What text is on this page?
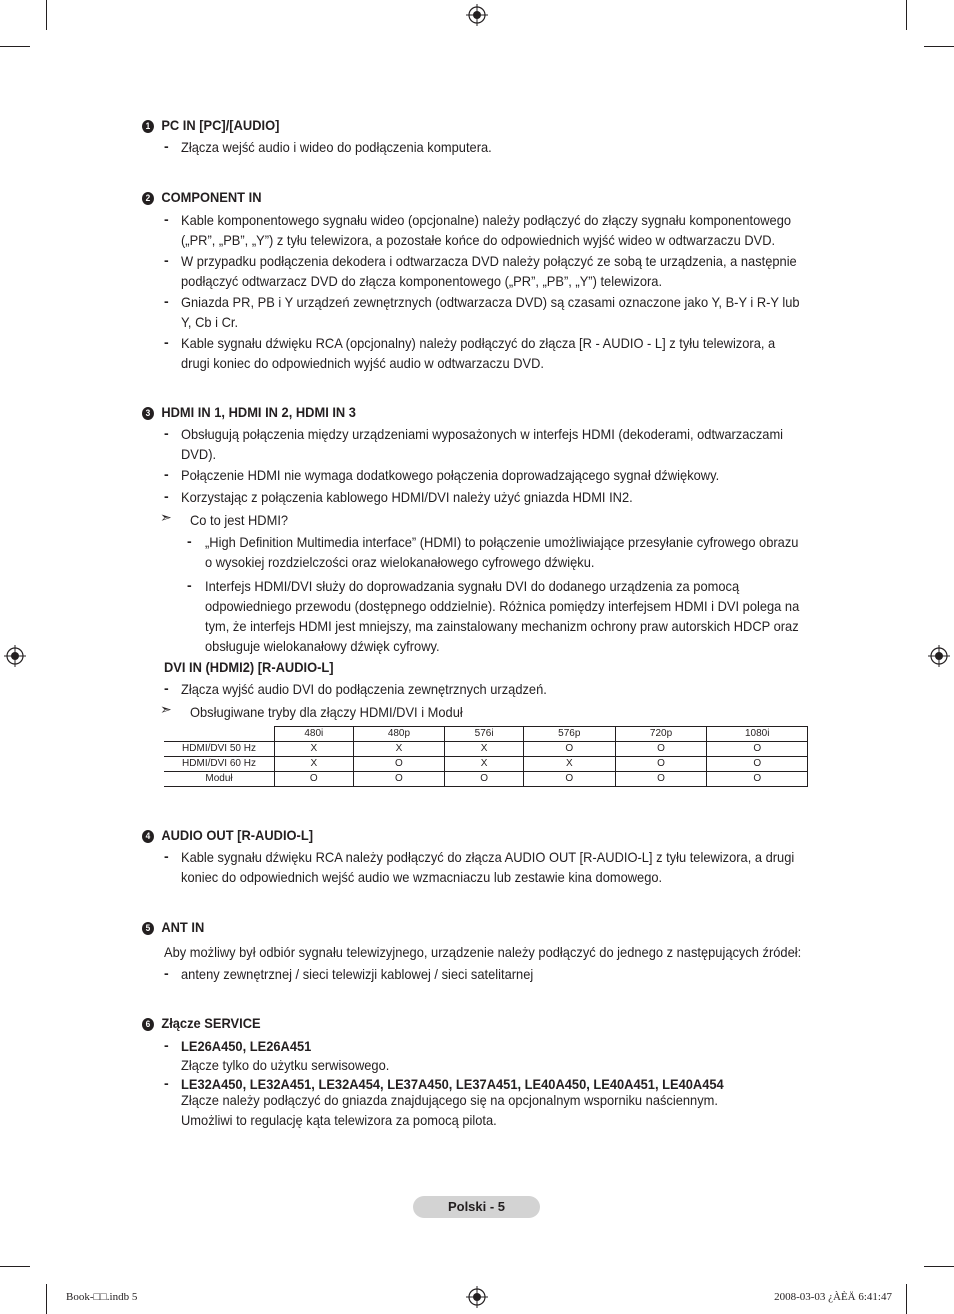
1 PC IN [PC]/[AUDIO]
- Złącza wejść audio i wideo do podłączenia komputera.
2 COMPONENT IN
- Kable komponentowego sygnału wideo (opcjonalne) należy podłączyć do złączy sygnału komponentowego
(„PR”, „PB”, „Y”) z tyłu telewizora, a pozostałe końce do odpowiednich wyjść wideo w odtwarzaczu DVD.
- W przypadku podłączenia dekodera i odtwarzacza DVD należy połączyć ze sobą te urządzenia, a następnie
podłączyć odtwarzacz DVD do złącza komponentowego („PR”, „PB”, „Y”) telewizora.
- Gniazda PR, PB i Y urządzeń zewnętrznych (odtwarzacza DVD) są czasami oznaczone jako Y, B-Y i R-Y lub
Y, Cb i Cr.
- Kable sygnału dźwięku RCA (opcjonalny) należy podłączyć do złącza [R - AUDIO - L] z tyłu telewizora, a
drugi koniec do odpowiednich wyjść audio w odtwarzaczu DVD.
3 HDMI IN 1, HDMI IN 2, HDMI IN 3
- Obsługują połączenia między urządzeniami wyposażonych w interfejs HDMI (dekoderami, odtwarzaczami
DVD).
- Połączenie HDMI nie wymaga dodatkowego połączenia doprowadzającego sygnał dźwiękowy.
- Korzystając z połączenia kablowego HDMI/DVI należy użyć gniazda HDMI IN2.
➣ Co to jest HDMI?
- „High Definition Multimedia interface” (HDMI) to połączenie umożliwiające przesyłanie cyfrowego obrazu
o wysokiej rozdzielczości oraz wielokanałowego cyfrowego dźwięku.
- Interfejs HDMI/DVI służy do doprowadzania sygnału DVI do dodanego urządzenia za pomocą
odpowiedniego przewodu (dostępnego oddzielnie). Różnica pomiędzy interfejsem HDMI i DVI polega na
tym, że interfejs HDMI jest mniejszy, ma zainstalowany mechanizm ochrony praw autorskich HDCP oraz
obsługuje wielokanałowy dźwięk cyfrowy.
DVI IN (HDMI2) [R-AUDIO-L]
- Złącza wyjść audio DVI do podłączenia zewnętrznych urządzeń.
➣ Obsługiwane tryby dla złączy HDMI/DVI i Moduł
	480i	480p	576i	576p	720p	1080i
HDMI/DVI 50 Hz	X	X	X	O	O	O
HDMI/DVI 60 Hz	X	O	X	X	O	O
Moduł	O	O	O	O	O	O
4 AUDIO OUT [R-AUDIO-L]
- Kable sygnału dźwięku RCA należy podłączyć do złącza AUDIO OUT [R-AUDIO-L] z tyłu telewizora, a drugi
koniec do odpowiednich wejść audio we wzmacniaczu lub zestawie kina domowego.
5 ANT IN
Aby możliwy był odbiór sygnału telewizyjnego, urządzenie należy podłączyć do jednego z następujących źródeł:
- anteny zewnętrznej / sieci telewizji kablowej / sieci satelitarnej
6 Złącze SERVICE
- LE26A450, LE26A451
Złącze tylko do użytku serwisowego.
- LE32A450, LE32A451, LE32A454, LE37A450, LE37A451, LE40A450, LE40A451, LE40A454
Złącze należy podłączyć do gniazda znajdującego się na opcjonalnym wsporniku naściennym.
Umożliwi to regulację kąta telewizora za pomocą pilota.
Polski - 5
Book-□□.indb 5	2008-03-03 ¿ÀÈÄ 6:41:47
